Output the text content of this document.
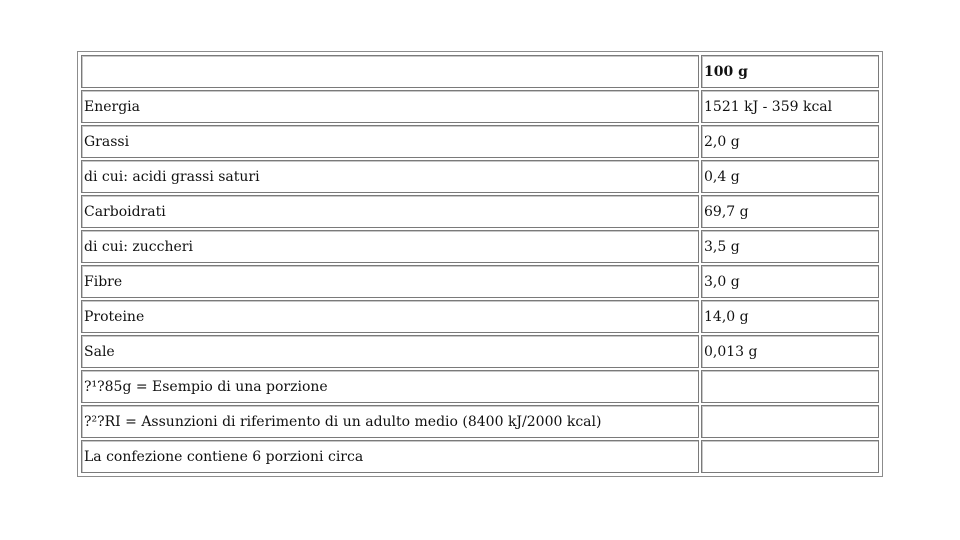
	100 g
Energia	1521 kJ - 359 kcal
Grassi	2,0 g
di cui: acidi grassi saturi	0,4 g
Carboidrati	69,7 g
di cui: zuccheri	3,5 g
Fibre	3,0 g
Proteine	14,0 g
Sale	0,013 g
?¹?85g = Esempio di una porzione	
?²?RI = Assunzioni di riferimento di un adulto medio (8400 kJ/2000 kcal)	
La confezione contiene 6 porzioni circa	
